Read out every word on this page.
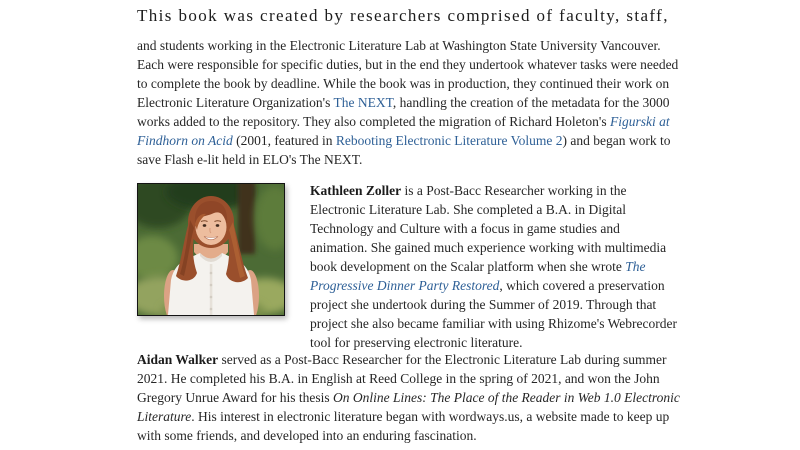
This book was created by researchers comprised of faculty, staff,

and students working in the Electronic Literature Lab at Washington State University Vancouver. Each were responsible for specific duties, but in the end they undertook whatever tasks were needed to complete the book by deadline. While the book was in production, they continued their work on Electronic Literature Organization's The NEXT, handling the creation of the metadata for the 3000 works added to the repository. They also completed the migration of Richard Holeton's Figurski at Findhorn on Acid (2001, featured in Rebooting Electronic Literature Volume 2) and began work to save Flash e-lit held in ELO's The NEXT.

Kathleen Zoller is a Post-Bacc Researcher working in the Electronic Literature Lab. She completed a B.A. in Digital Technology and Culture with a focus in game studies and animation. She gained much experience working with multimedia book development on the Scalar platform when she wrote The Progressive Dinner Party Restored, which covered a preservation project she undertook during the Summer of 2019. Through that project she also became familiar with using Rhizome's Webrecorder tool for preserving electronic literature.

Aidan Walker served as a Post-Bacc Researcher for the Electronic Literature Lab during summer 2021. He completed his B.A. in English at Reed College in the spring of 2021, and won the John Gregory Unrue Award for his thesis On Online Lines: The Place of the Reader in Web 1.0 Electronic Literature. His interest in electronic literature began with wordways.us, a website made to keep up with some friends, and developed into an enduring fascination.
